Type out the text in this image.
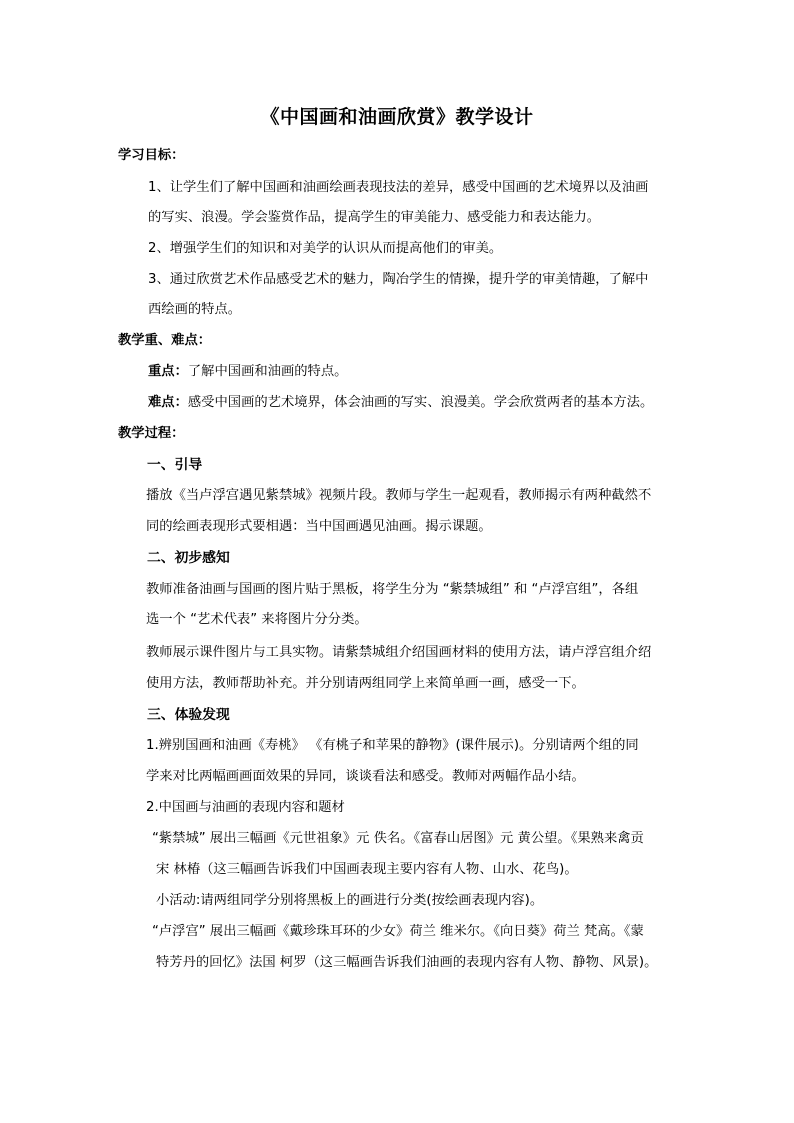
《中国画和油画欣赏》教学设计
学习目标：
1、让学生们了解中国画和油画绘画表现技法的差异，感受中国画的艺术境界以及油画
的写实、浪漫。学会鉴赏作品，提高学生的审美能力、感受能力和表达能力。
2、增强学生们的知识和对美学的认识从而提高他们的审美。
3、通过欣赏艺术作品感受艺术的魅力，陶冶学生的情操，提升学的审美情趣，了解中
西绘画的特点。
教学重、难点：
重点：了解中国画和油画的特点。
难点：感受中国画的艺术境界，体会油画的写实、浪漫美。学会欣赏两者的基本方法。
教学过程：
一、引导
播放《当卢浮宫遇见紫禁城》视频片段。教师与学生一起观看，教师揭示有两种截然不
同的绘画表现形式要相遇：当中国画遇见油画。揭示课题。
二、初步感知
教师准备油画与国画的图片贴于黑板，将学生分为 “紫禁城组” 和 “卢浮宫组”，各组
选一个 “艺术代表” 来将图片分分类。
教师展示课件图片与工具实物。请紫禁城组介绍国画材料的使用方法，请卢浮宫组介绍
使用方法，教师帮助补充。并分别请两组同学上来简单画一画，感受一下。
三、体验发现
1.辨别国画和油画《寿桃》 《有桃子和苹果的静物》(课件展示)。分别请两个组的同
学来对比两幅画画面效果的异同，谈谈看法和感受。教师对两幅作品小结。
2.中国画与油画的表现内容和题材
“紫禁城” 展出三幅画《元世祖象》元 佚名。《富春山居图》元 黄公望。《果熟来禽贡
宋 林椿（这三幅画告诉我们中国画表现主要内容有人物、山水、花鸟)。
小活动:请两组同学分别将黑板上的画进行分类(按绘画表现内容)。
“卢浮宫” 展出三幅画《戴珍珠耳环的少女》荷兰 维米尔。《向日葵》荷兰 梵高。《蒙
特芳丹的回忆》法国 柯罗（这三幅画告诉我们油画的表现内容有人物、静物、风景)。
